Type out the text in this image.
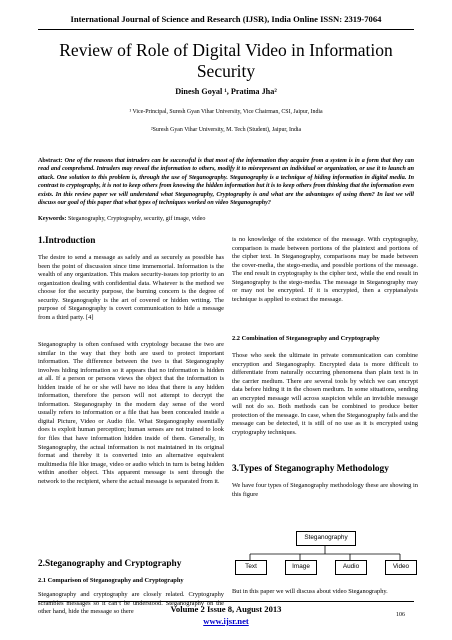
International Journal of Science and Research (IJSR), India Online ISSN: 2319-7064
Review of Role of Digital Video in Information Security
Dinesh Goyal ¹, Pratima Jha²
¹ Vice-Principal, Suresh Gyan Vihar University, Vice Chairman, CSI, Jaipur, India
²Suresh Gyan Vihar University, M. Tech (Student), Jaipur, India
Abstract: One of the reasons that intruders can be successful is that most of the information they acquire from a system is in a form that they can read and comprehend. Intruders may reveal the information to others, modify it to misrepresent an individual or organization, or use it to launch an attack. One solution to this problem is, through the use of Steganography. Steganography is a technique of hiding information in digital media. In contrast to cryptography, it is not to keep others from knowing the hidden information but it is to keep others from thinking that the information even exists. In this review paper we will understand what Steganography, Cryptography is and what are the advantages of using them? In last we will discuss our goal of this paper that what types of techniques worked on video Steganography?
Keywords: Steganography, Cryptography, security, gif image, video
1.Introduction

The desire to send a message as safely and as securely as possible has been the point of discussion since time immemorial. Information is the wealth of any organization. This makes security-issues top priority to an organization dealing with confidential data. Whatever is the method we choose for the security purpose, the burning concern is the degree of security. Steganography is the art of covered or hidden writing. The purpose of Steganography is covert communication to hide a message from a third party. [4]

Steganography is often confused with cryptology because the two are similar in the way that they both are used to protect important information. The difference between the two is that Steganography involves hiding information so it appears that no information is hidden at all. If a person or persons views the object that the information is hidden inside of he or she will have no idea that there is any hidden information, therefore the person will not attempt to decrypt the information. Steganography in the modern day sense of the word usually refers to information or a file that has been concealed inside a digital Picture, Video or Audio file. What Steganography essentially does is exploit human perception; human senses are not trained to look for files that have information hidden inside of them. Generally, in Steganography, the actual information is not maintained in its original format and thereby it is converted into an alternative equivalent multimedia file like image, video or audio which in turn is being hidden within another object. This apparent message is sent through the network to the recipient, where the actual message is separated from it.

2.Steganography and Cryptography
2.1 Comparison of Steganography and Cryptography

Steganography and cryptography are closely related. Cryptography scrambles messages so it can’t be understood. Steganography on the other hand, hide the message so there

is no knowledge of the existence of the message. With cryptography, comparison is made between portions of the plaintext and portions of the cipher text. In Steganography, comparisons may be made between the cover-media, the stego-media, and possible portions of the message. The end result in cryptography is the cipher text, while the end result in Steganography is the stego-media. The message in Steganography may or may not be encrypted. If it is encrypted, then a cryptanalysis technique is applied to extract the message.

2.2 Combination of Steganography and Cryptography

Those who seek the ultimate in private communication can combine encryption and Steganography. Encrypted data is more difficult to differentiate from naturally occurring phenomena than plain text is in the carrier medium. There are several tools by which we can encrypt data before hiding it in the chosen medium. In some situations, sending an encrypted message will across suspicion while an invisible message will not do so. Both methods can be combined to produce better protection of the message. In case, when the Steganography fails and the message can be detected, it is still of no use as it is encrypted using cryptography techniques.

3.Types of Steganography Methodology

We have four types of Steganography methodology these are showing in this figure

Steganography
Text	Image	Audio	Video

But in this paper we will discuss about video Steganography.

Volume 2 Issue 8, August 2013
www.ijsr.net
106
